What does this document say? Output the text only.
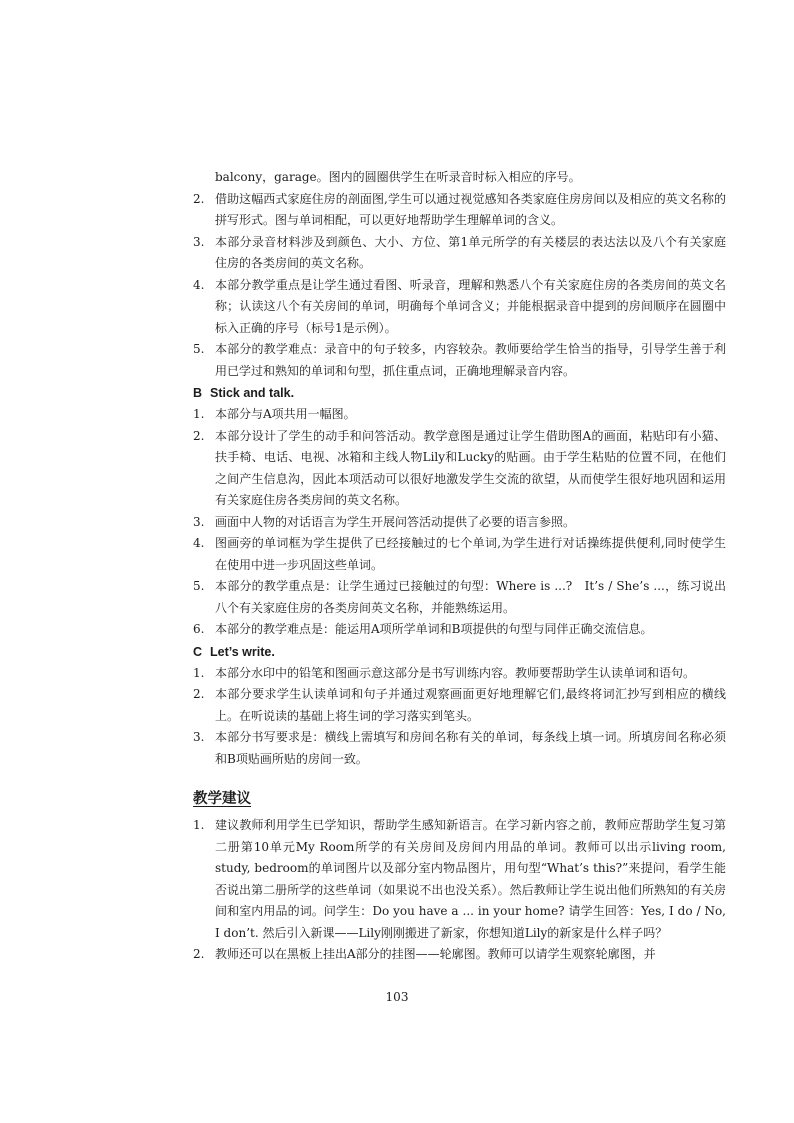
balcony，garage。图内的圆圈供学生在听录音时标入相应的序号。
2. 借助这幅西式家庭住房的剖面图,学生可以通过视觉感知各类家庭住房房间以及相应的英文名称的拼写形式。图与单词相配，可以更好地帮助学生理解单词的含义。
3. 本部分录音材料涉及到颜色、大小、方位、第1单元所学的有关楼层的表达法以及八个有关家庭住房的各类房间的英文名称。
4. 本部分教学重点是让学生通过看图、听录音，理解和熟悉八个有关家庭住房的各类房间的英文名称；认读这八个有关房间的单词，明确每个单词含义；并能根据录音中提到的房间顺序在圆圈中标入正确的序号（标号1是示例）。
5. 本部分的教学难点：录音中的句子较多，内容较杂。教师要给学生恰当的指导，引导学生善于利用已学过和熟知的单词和句型，抓住重点词，正确地理解录音内容。
B Stick and talk.
1. 本部分与A项共用一幅图。
2. 本部分设计了学生的动手和问答活动。教学意图是通过让学生借助图A的画面，粘贴印有小猫、扶手椅、电话、电视、冰箱和主线人物Lily和Lucky的贴画。由于学生粘贴的位置不同，在他们之间产生信息沟，因此本项活动可以很好地激发学生交流的欲望，从而使学生很好地巩固和运用有关家庭住房各类房间的英文名称。
3. 画面中人物的对话语言为学生开展问答活动提供了必要的语言参照。
4. 图画旁的单词框为学生提供了已经接触过的七个单词,为学生进行对话操练提供便利,同时使学生在使用中进一步巩固这些单词。
5. 本部分的教学重点是：让学生通过已接触过的句型：Where is ...?　It’s / She’s ...，练习说出八个有关家庭住房的各类房间英文名称，并能熟练运用。
6. 本部分的教学难点是：能运用A项所学单词和B项提供的句型与同伴正确交流信息。
C Let’s write.
1. 本部分水印中的铅笔和图画示意这部分是书写训练内容。教师要帮助学生认读单词和语句。
2. 本部分要求学生认读单词和句子并通过观察画面更好地理解它们,最终将词汇抄写到相应的横线上。在听说读的基础上将生词的学习落实到笔头。
3. 本部分书写要求是：横线上需填写和房间名称有关的单词，每条线上填一词。所填房间名称必须和B项贴画所贴的房间一致。
教学建议
1. 建议教师利用学生已学知识，帮助学生感知新语言。在学习新内容之前，教师应帮助学生复习第二册第10单元My Room所学的有关房间及房间内用品的单词。教师可以出示living room, study, bedroom的单词图片以及部分室内物品图片，用句型“What’s this?”来提问，看学生能否说出第二册所学的这些单词（如果说不出也没关系）。然后教师让学生说出他们所熟知的有关房间和室内用品的词。问学生：Do you have a ... in your home? 请学生回答：Yes, I do / No, I don’t. 然后引入新课——Lily刚刚搬进了新家，你想知道Lily的新家是什么样子吗？
2. 教师还可以在黑板上挂出A部分的挂图——轮廓图。教师可以请学生观察轮廓图，并
103
